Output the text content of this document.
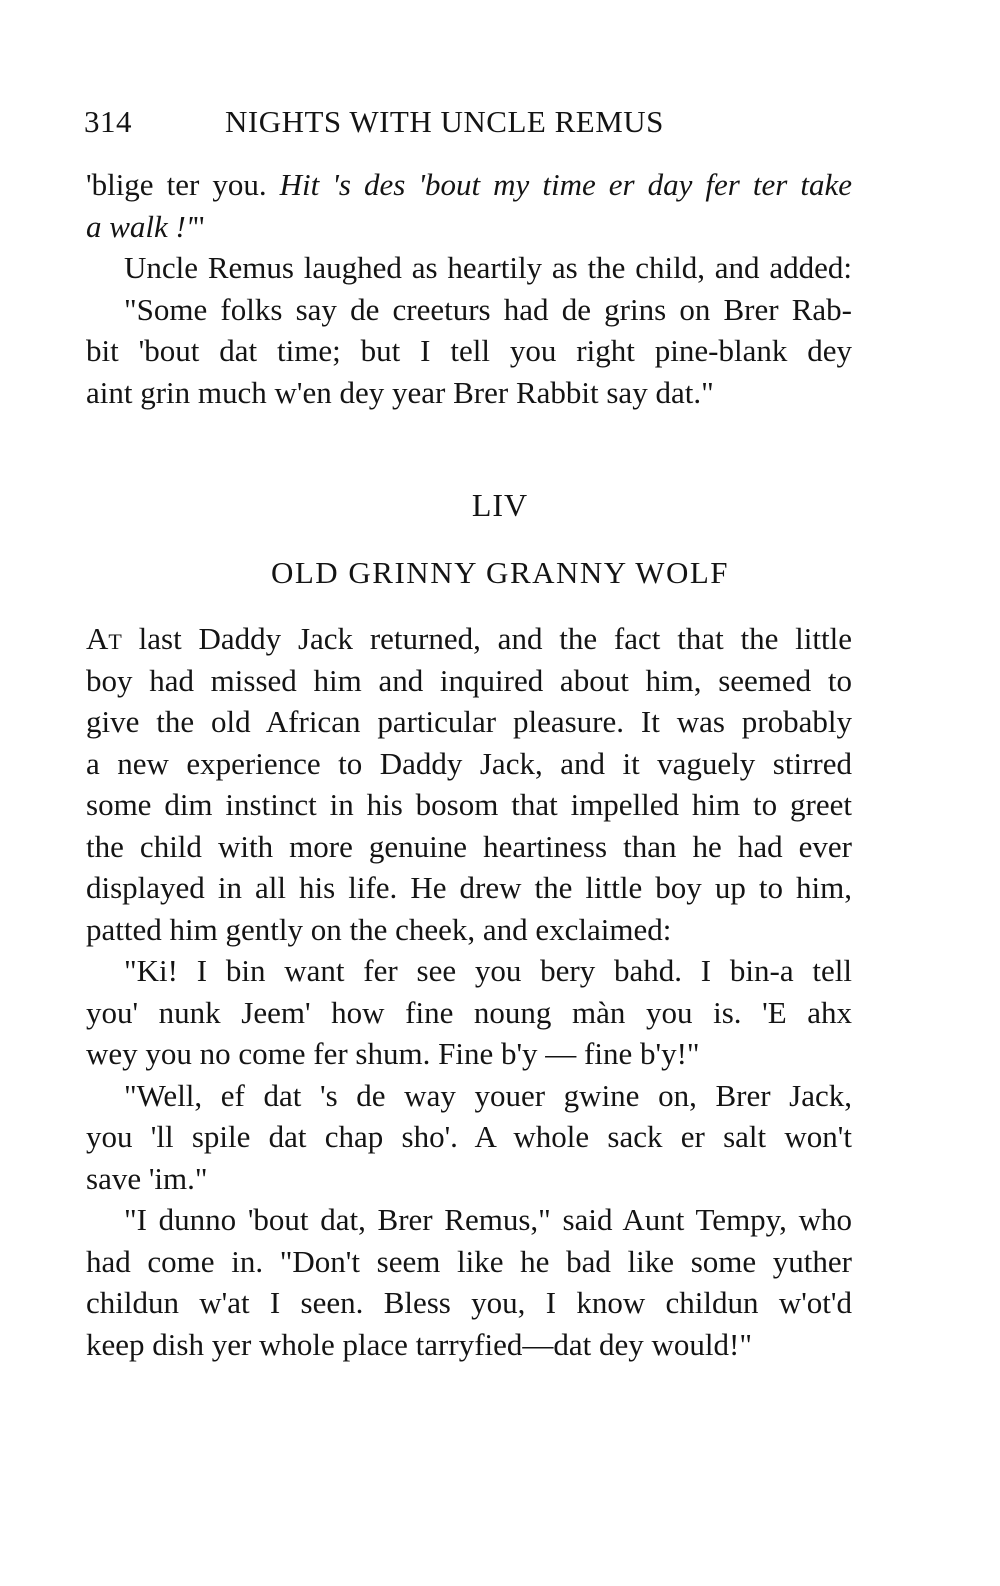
314	NIGHTS WITH UNCLE REMUS
'blige ter you. Hit 's des 'bout my time er day fer ter take
a walk !'"
Uncle Remus laughed as heartily as the child, and added:
"Some folks say de creeturs had de grins on Brer Rab-
bit 'bout dat time; but I tell you right pine-blank dey
aint grin much w'en dey year Brer Rabbit say dat."
LIV
OLD GRINNY GRANNY WOLF
At last Daddy Jack returned, and the fact that the little
boy had missed him and inquired about him, seemed to
give the old African particular pleasure. It was probably
a new experience to Daddy Jack, and it vaguely stirred
some dim instinct in his bosom that impelled him to greet
the child with more genuine heartiness than he had ever
displayed in all his life. He drew the little boy up to him,
patted him gently on the cheek, and exclaimed:
"Ki! I bin want fer see you bery bahd. I bin-a tell
you' nunk Jeem' how fine noung màn you is. 'E ahx
wey you no come fer shum. Fine b'y — fine b'y!"
"Well, ef dat 's de way youer gwine on, Brer Jack,
you 'll spile dat chap sho'. A whole sack er salt won't
save 'im."
"I dunno 'bout dat, Brer Remus," said Aunt Tempy, who
had come in. "Don't seem like he bad like some yuther
childun w'at I seen. Bless you, I know childun w'ot'd
keep dish yer whole place tarryfied—dat dey would!"
